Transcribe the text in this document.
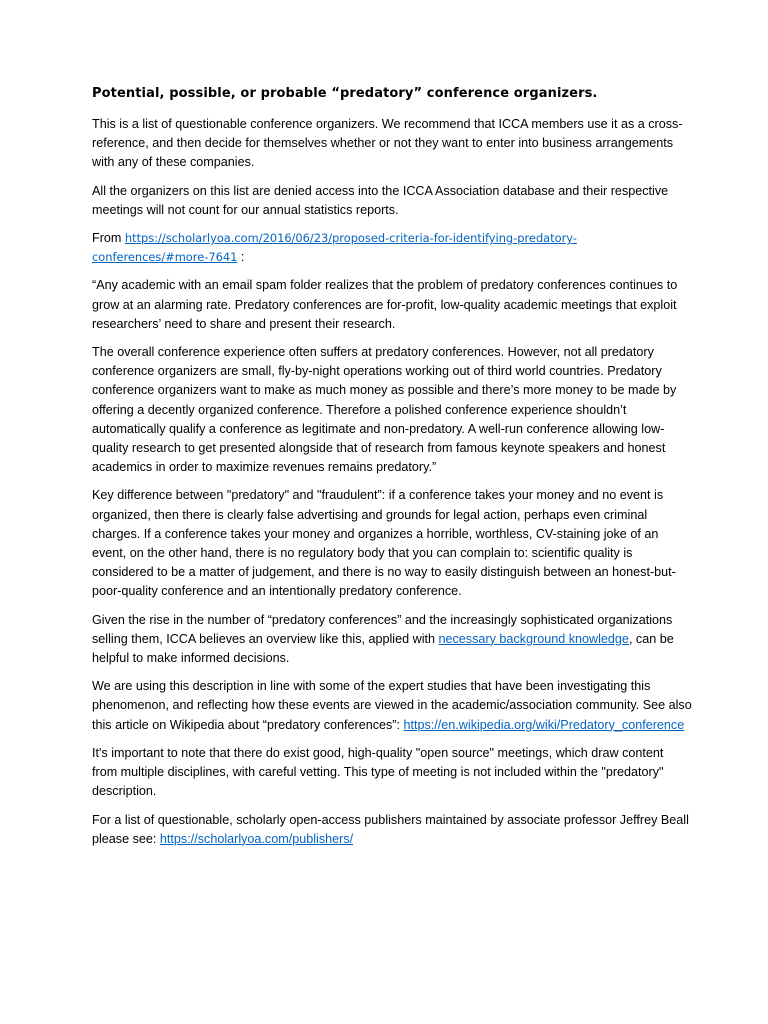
Potential, possible, or probable “predatory” conference organizers.

This is a list of questionable conference organizers. We recommend that ICCA members use it as a cross-reference, and then decide for themselves whether or not they want to enter into business arrangements with any of these companies.

All the organizers on this list are denied access into the ICCA Association database and their respective meetings will not count for our annual statistics reports.

From https://scholarlyoa.com/2016/06/23/proposed-criteria-for-identifying-predatory-conferences/#more-7641 :

“Any academic with an email spam folder realizes that the problem of predatory conferences continues to grow at an alarming rate. Predatory conferences are for-profit, low-quality academic meetings that exploit researchers’ need to share and present their research.

The overall conference experience often suffers at predatory conferences. However, not all predatory conference organizers are small, fly-by-night operations working out of third world countries. Predatory conference organizers want to make as much money as possible and there’s more money to be made by offering a decently organized conference. Therefore a polished conference experience shouldn’t automatically qualify a conference as legitimate and non-predatory. A well-run conference allowing low-quality research to get presented alongside that of research from famous keynote speakers and honest academics in order to maximize revenues remains predatory.”

Key difference between "predatory" and "fraudulent”: if a conference takes your money and no event is organized, then there is clearly false advertising and grounds for legal action, perhaps even criminal charges. If a conference takes your money and organizes a horrible, worthless, CV-staining joke of an event, on the other hand, there is no regulatory body that you can complain to: scientific quality is considered to be a matter of judgement, and there is no way to easily distinguish between an honest-but-poor-quality conference and an intentionally predatory conference.

Given the rise in the number of “predatory conferences” and the increasingly sophisticated organizations selling them, ICCA believes an overview like this, applied with necessary background knowledge, can be helpful to make informed decisions.

We are using this description in line with some of the expert studies that have been investigating this phenomenon, and reflecting how these events are viewed in the academic/association community. See also this article on Wikipedia about “predatory conferences”: https://en.wikipedia.org/wiki/Predatory_conference

It's important to note that there do exist good, high-quality "open source" meetings, which draw content from multiple disciplines, with careful vetting. This type of meeting is not included within the "predatory" description.

For a list of questionable, scholarly open-access publishers maintained by associate professor Jeffrey Beall please see: https://scholarlyoa.com/publishers/
